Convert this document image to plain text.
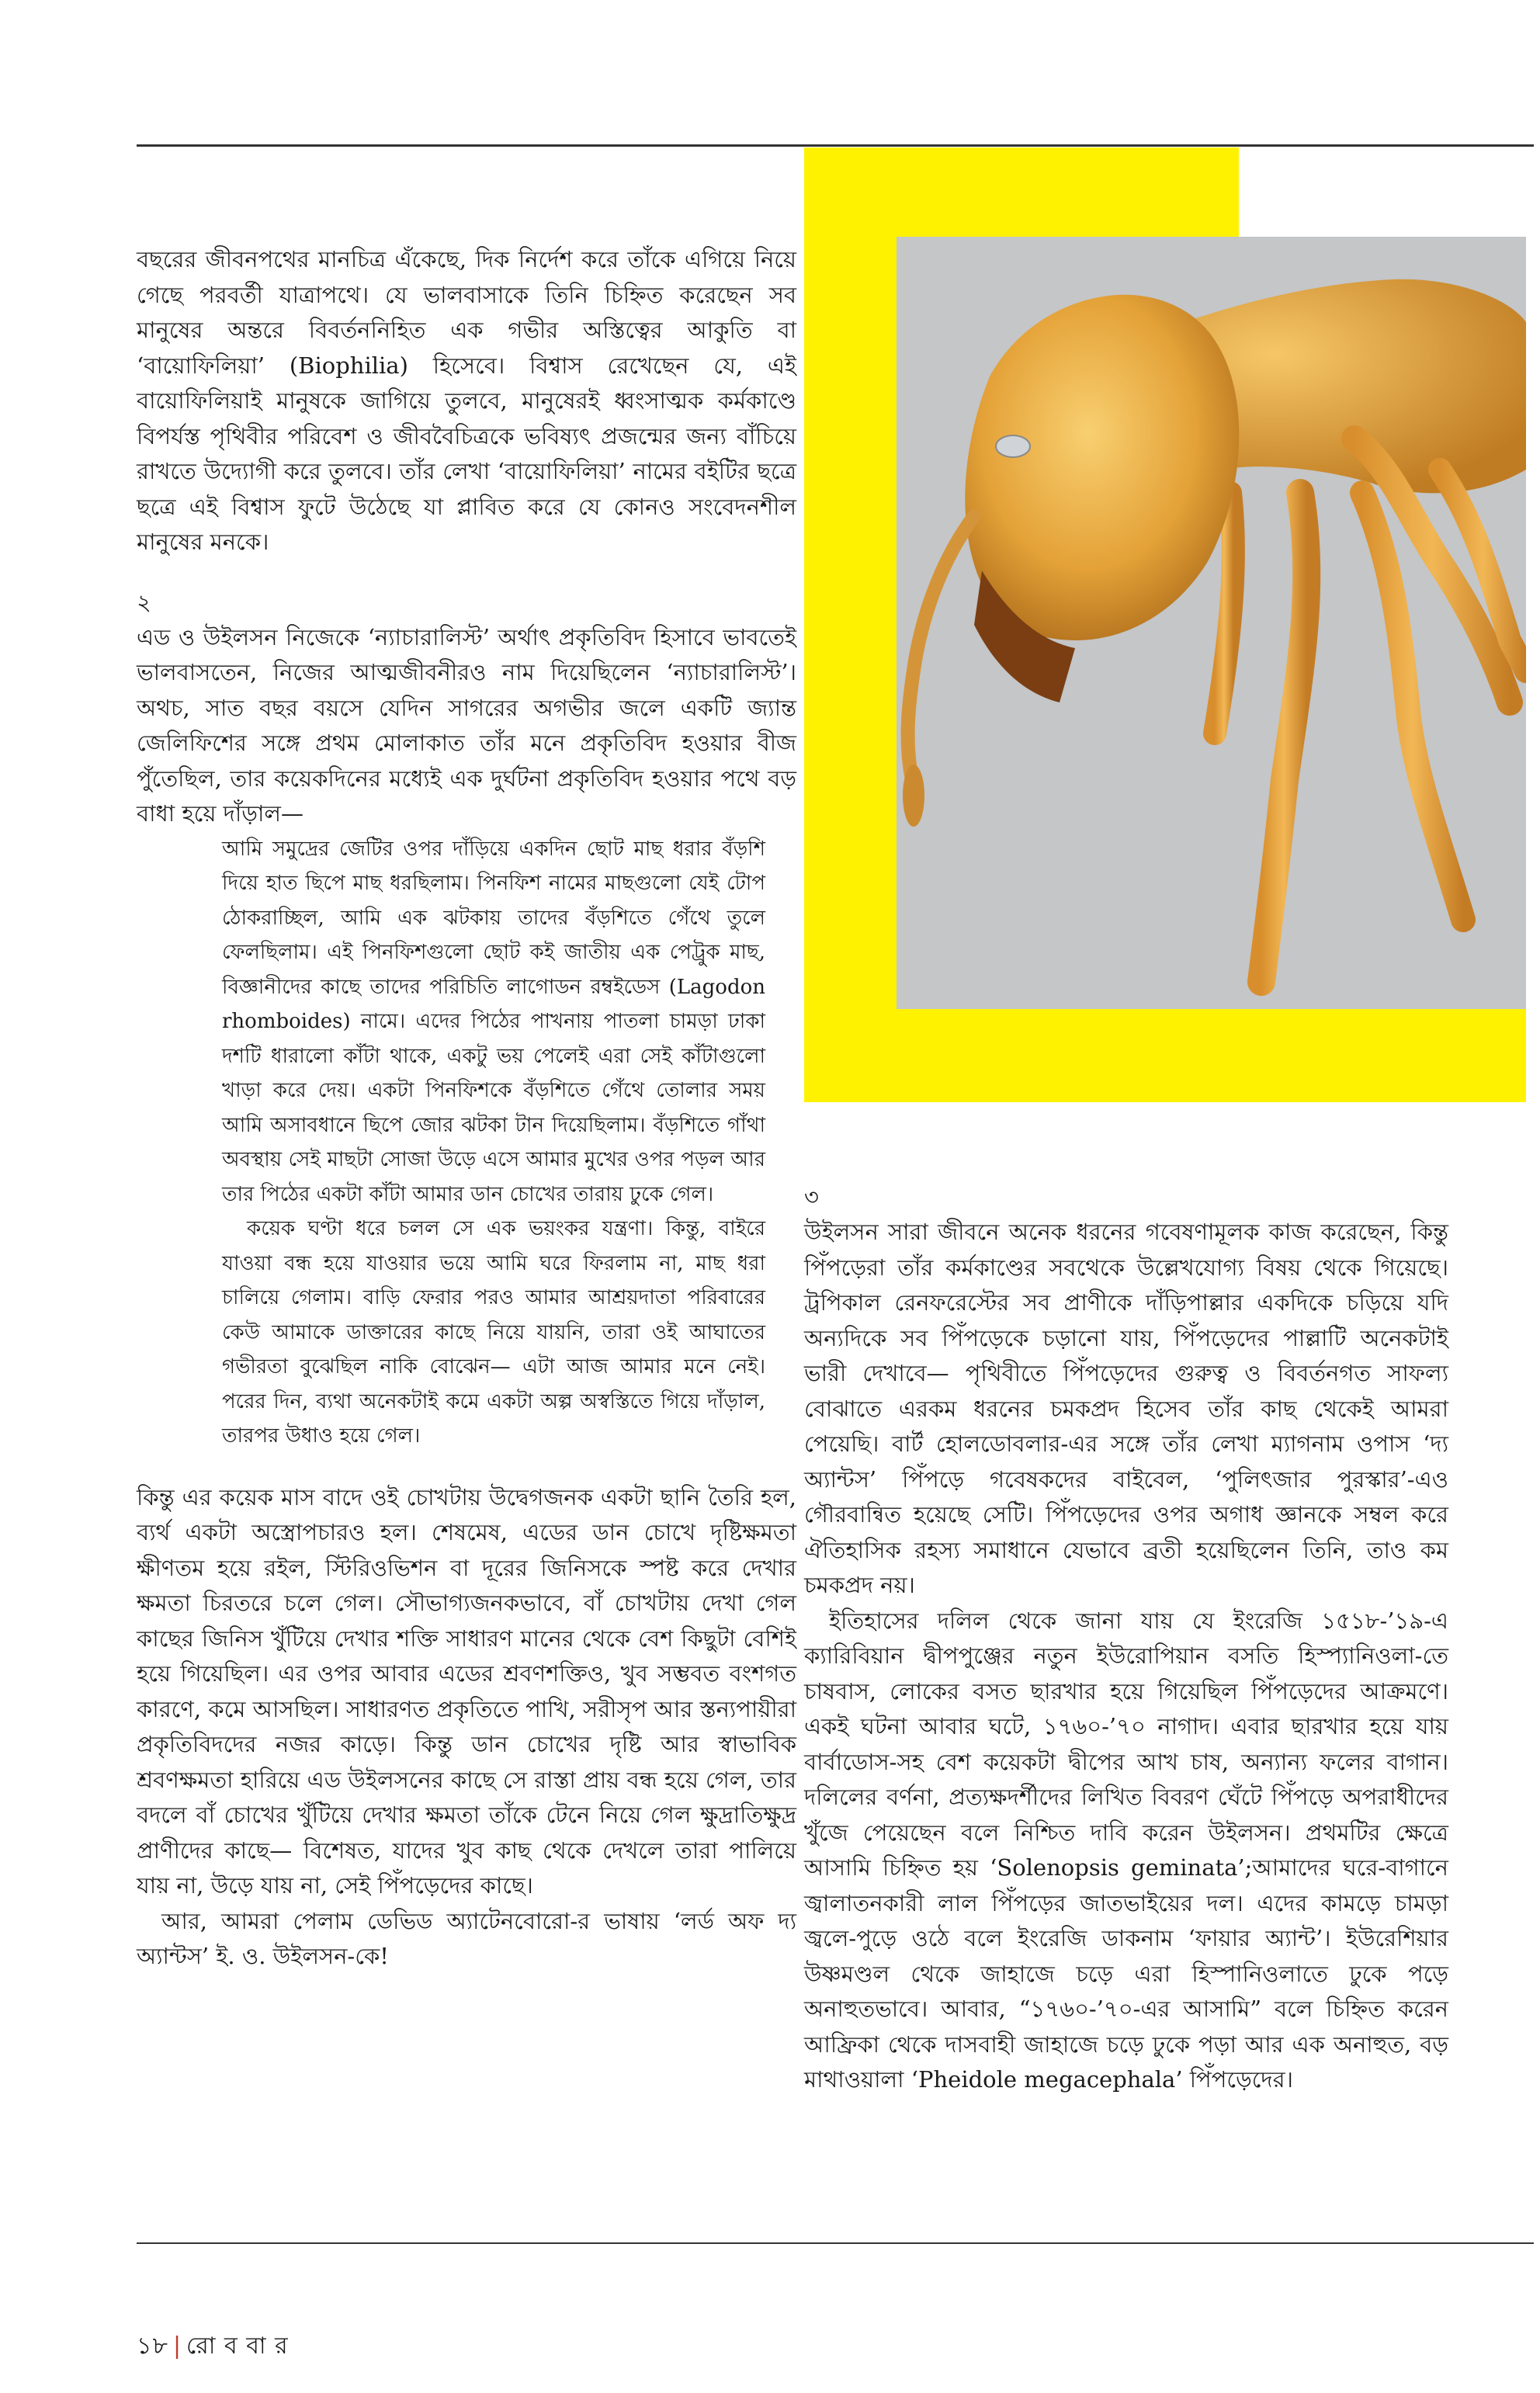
বছরের জীবনপথের মানচিত্র এঁকেছে, দিক নির্দেশ করে তাঁকে এগিয়ে নিয়ে গেছে পরবর্তী যাত্রাপথে। যে ভালবাসাকে তিনি চিহ্নিত করেছেন সব মানুষের অন্তরে বিবর্তননিহিত এক গভীর অস্তিত্বের আকুতি বা ‘বায়োফিলিয়া’ (Biophilia) হিসেবে। বিশ্বাস রেখেছেন যে, এই বায়োফিলিয়াই মানুষকে জাগিয়ে তুলবে, মানুষেরই ধ্বংসাত্মক কর্মকাণ্ডে বিপর্যস্ত পৃথিবীর পরিবেশ ও জীববৈচিত্রকে ভবিষ্যৎ প্রজন্মের জন্য বাঁচিয়ে রাখতে উদ্যোগী করে তুলবে। তাঁর লেখা ‘বায়োফিলিয়া’ নামের বইটির ছত্রে ছত্রে এই বিশ্বাস ফুটে উঠেছে যা প্লাবিত করে যে কোনও সংবেদনশীল মানুষের মনকে।

২

এড ও উইলসন নিজেকে ‘ন্যাচারালিস্ট’ অর্থাৎ প্রকৃতিবিদ হিসাবে ভাবতেই ভালবাসতেন, নিজের আত্মজীবনীরও নাম দিয়েছিলেন ‘ন্যাচারালিস্ট’। অথচ, সাত বছর বয়সে যেদিন সাগরের অগভীর জলে একটি জ্যান্ত জেলিফিশের সঙ্গে প্রথম মোলাকাত তাঁর মনে প্রকৃতিবিদ হওয়ার বীজ পুঁতেছিল, তার কয়েকদিনের মধ্যেই এক দুর্ঘটনা প্রকৃতিবিদ হওয়ার পথে বড় বাধা হয়ে দাঁড়াল—

আমি সমুদ্রের জেটির ওপর দাঁড়িয়ে একদিন ছোট মাছ ধরার বঁড়শি দিয়ে হাত ছিপে মাছ ধরছিলাম। পিনফিশ নামের মাছগুলো যেই টোপ ঠোকরাচ্ছিল, আমি এক ঝটকায় তাদের বঁড়শিতে গেঁথে তুলে ফেলছিলাম। এই পিনফিশগুলো ছোট কই জাতীয় এক পেট্রুক মাছ, বিজ্ঞানীদের কাছে তাদের পরিচিতি লাগোডন রম্বইডেস (Lagodon rhomboides) নামে। এদের পিঠের পাখনায় পাতলা চামড়া ঢাকা দশটি ধারালো কাঁটা থাকে, একটু ভয় পেলেই এরা সেই কাঁটাগুলো খাড়া করে দেয়। একটা পিনফিশকে বঁড়শিতে গেঁথে তোলার সময় আমি অসাবধানে ছিপে জোর ঝটকা টান দিয়েছিলাম। বঁড়শিতে গাঁথা অবস্থায় সেই মাছটা সোজা উড়ে এসে আমার মুখের ওপর পড়ল আর তার পিঠের একটা কাঁটা আমার ডান চোখের তারায় ঢুকে গেল।

কয়েক ঘণ্টা ধরে চলল সে এক ভয়ংকর যন্ত্রণা। কিন্তু, বাইরে যাওয়া বন্ধ হয়ে যাওয়ার ভয়ে আমি ঘরে ফিরলাম না, মাছ ধরা চালিয়ে গেলাম। বাড়ি ফেরার পরও আমার আশ্রয়দাতা পরিবারের কেউ আমাকে ডাক্তারের কাছে নিয়ে যায়নি, তারা ওই আঘাতের গভীরতা বুঝেছিল নাকি বোঝেন— এটা আজ আমার মনে নেই। পরের দিন, ব্যথা অনেকটাই কমে একটা অল্প অস্বস্তিতে গিয়ে দাঁড়াল, তারপর উধাও হয়ে গেল।

কিন্তু এর কয়েক মাস বাদে ওই চোখটায় উদ্বেগজনক একটা ছানি তৈরি হল, ব্যর্থ একটা অস্ত্রোপচারও হল। শেষমেষ, এডের ডান চোখে দৃষ্টিক্ষমতা ক্ষীণতম হয়ে রইল, স্টিরিওভিশন বা দূরের জিনিসকে স্পষ্ট করে দেখার ক্ষমতা চিরতরে চলে গেল। সৌভাগ্যজনকভাবে, বাঁ চোখটায় দেখা গেল কাছের জিনিস খুঁটিয়ে দেখার শক্তি সাধারণ মানের থেকে বেশ কিছুটা বেশিই হয়ে গিয়েছিল। এর ওপর আবার এডের শ্রবণশক্তিও, খুব সম্ভবত বংশগত কারণে, কমে আসছিল। সাধারণত প্রকৃতিতে পাখি, সরীসৃপ আর স্তন্যপায়ীরা প্রকৃতিবিদদের নজর কাড়ে। কিন্তু ডান চোখের দৃষ্টি আর স্বাভাবিক শ্রবণক্ষমতা হারিয়ে এড উইলসনের কাছে সে রাস্তা প্রায় বন্ধ হয়ে গেল, তার বদলে বাঁ চোখের খুঁটিয়ে দেখার ক্ষমতা তাঁকে টেনে নিয়ে গেল ক্ষুদ্রাতিক্ষুদ্র প্রাণীদের কাছে— বিশেষত, যাদের খুব কাছ থেকে দেখলে তারা পালিয়ে যায় না, উড়ে যায় না, সেই পিঁপড়েদের কাছে।

আর, আমরা পেলাম ডেভিড অ্যাটেনবোরো-র ভাষায় ‘লর্ড অফ দ্য অ্যান্টস’ ই. ও. উইলসন-কে!

৩

উইলসন সারা জীবনে অনেক ধরনের গবেষণামূলক কাজ করেছেন, কিন্তু পিঁপড়েরা তাঁর কর্মকাণ্ডের সবথেকে উল্লেখযোগ্য বিষয় থেকে গিয়েছে। ট্রপিকাল রেনফরেস্টের সব প্রাণীকে দাঁড়িপাল্লার একদিকে চড়িয়ে যদি অন্যদিকে সব পিঁপড়েকে চড়ানো যায়, পিঁপড়েদের পাল্লাটি অনেকটাই ভারী দেখাবে— পৃথিবীতে পিঁপড়েদের গুরুত্ব ও বিবর্তনগত সাফল্য বোঝাতে এরকম ধরনের চমকপ্রদ হিসেব তাঁর কাছ থেকেই আমরা পেয়েছি। বার্ট হোলডোবলার-এর সঙ্গে তাঁর লেখা ম্যাগনাম ওপাস ‘দ্য অ্যান্টস’ পিঁপড়ে গবেষকদের বাইবেল, ‘পুলিৎজার পুরস্কার’-এও গৌরবান্বিত হয়েছে সেটি। পিঁপড়েদের ওপর অগাধ জ্ঞানকে সম্বল করে ঐতিহাসিক রহস্য সমাধানে যেভাবে ব্রতী হয়েছিলেন তিনি, তাও কম চমকপ্রদ নয়।

ইতিহাসের দলিল থেকে জানা যায় যে ইংরেজি ১৫১৮-’১৯-এ ক্যারিবিয়ান দ্বীপপুঞ্জের নতুন ইউরোপিয়ান বসতি হিস্প্যানিওলা-তে চাষবাস, লোকের বসত ছারখার হয়ে গিয়েছিল পিঁপড়েদের আক্রমণে। একই ঘটনা আবার ঘটে, ১৭৬০-’৭০ নাগাদ। এবার ছারখার হয়ে যায় বার্বাডোস-সহ বেশ কয়েকটা দ্বীপের আখ চাষ, অন্যান্য ফলের বাগান। দলিলের বর্ণনা, প্রত্যক্ষদর্শীদের লিখিত বিবরণ ঘেঁটে পিঁপড়ে অপরাধীদের খুঁজে পেয়েছেন বলে নিশ্চিত দাবি করেন উইলসন। প্রথমটির ক্ষেত্রে আসামি চিহ্নিত হয় ‘Solenopsis geminata’;আমাদের ঘরে-বাগানে জ্বালাতনকারী লাল পিঁপড়ের জাতভাইয়ের দল। এদের কামড়ে চামড়া জ্বলে-পুড়ে ওঠে বলে ইংরেজি ডাকনাম ‘ফায়ার অ্যান্ট’। ইউরেশিয়ার উষ্ণমণ্ডল থেকে জাহাজে চড়ে এরা হিস্পানিওলাতে ঢুকে পড়ে অনাহুতভাবে। আবার, “১৭৬০-’৭০-এর আসামি” বলে চিহ্নিত করেন আফ্রিকা থেকে দাসবাহী জাহাজে চড়ে ঢুকে পড়া আর এক অনাহুত, বড় মাথাওয়ালা ‘Pheidole megacephala’ পিঁপড়েদের।

১৮ | রো ব বা র
